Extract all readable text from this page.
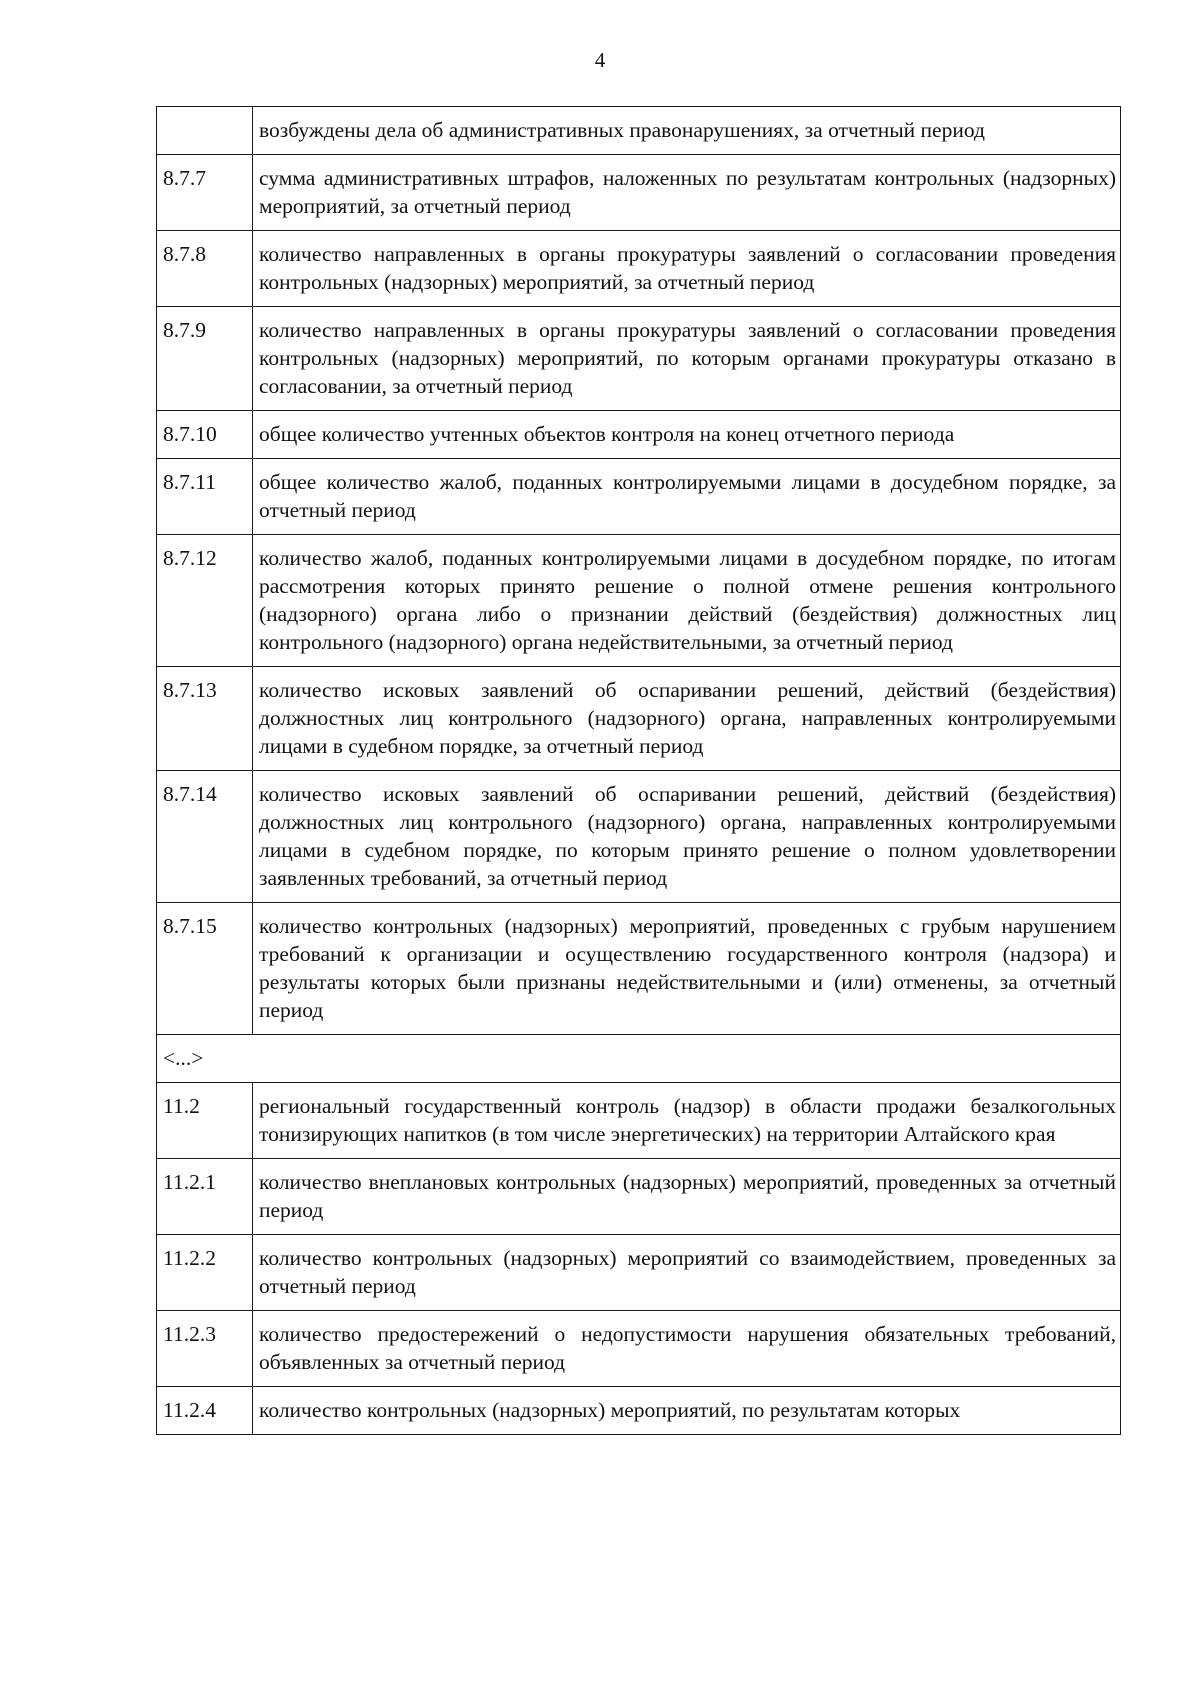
4
	возбуждены дела об административных правонарушениях, за отчетный период
8.7.7	сумма административных штрафов, наложенных по результатам контрольных (надзорных) мероприятий, за отчетный период
8.7.8	количество направленных в органы прокуратуры заявлений о согласовании проведения контрольных (надзорных) мероприятий, за отчетный период
8.7.9	количество направленных в органы прокуратуры заявлений о согласовании проведения контрольных (надзорных) мероприятий, по которым органами прокуратуры отказано в согласовании, за отчетный период
8.7.10	общее количество учтенных объектов контроля на конец отчетного периода
8.7.11	общее количество жалоб, поданных контролируемыми лицами в досудебном порядке, за отчетный период
8.7.12	количество жалоб, поданных контролируемыми лицами в досудебном порядке, по итогам рассмотрения которых принято решение о полной отмене решения контрольного (надзорного) органа либо о признании действий (бездействия) должностных лиц контрольного (надзорного) органа недействительными, за отчетный период
8.7.13	количество исковых заявлений об оспаривании решений, действий (бездействия) должностных лиц контрольного (надзорного) органа, направленных контролируемыми лицами в судебном порядке, за отчетный период
8.7.14	количество исковых заявлений об оспаривании решений, действий (бездействия) должностных лиц контрольного (надзорного) органа, направленных контролируемыми лицами в судебном порядке, по которым принято решение о полном удовлетворении заявленных требований, за отчетный период
8.7.15	количество контрольных (надзорных) мероприятий, проведенных с грубым нарушением требований к организации и осуществлению государственного контроля (надзора) и результаты которых были признаны недействительными и (или) отменены, за отчетный период
<...>	
11.2	региональный государственный контроль (надзор) в области продажи безалкогольных тонизирующих напитков (в том числе энергетических) на территории Алтайского края
11.2.1	количество внеплановых контрольных (надзорных) мероприятий, проведенных за отчетный период
11.2.2	количество контрольных (надзорных) мероприятий со взаимодействием, проведенных за отчетный период
11.2.3	количество предостережений о недопустимости нарушения обязательных требований, объявленных за отчетный период
11.2.4	количество контрольных (надзорных) мероприятий, по результатам которых
